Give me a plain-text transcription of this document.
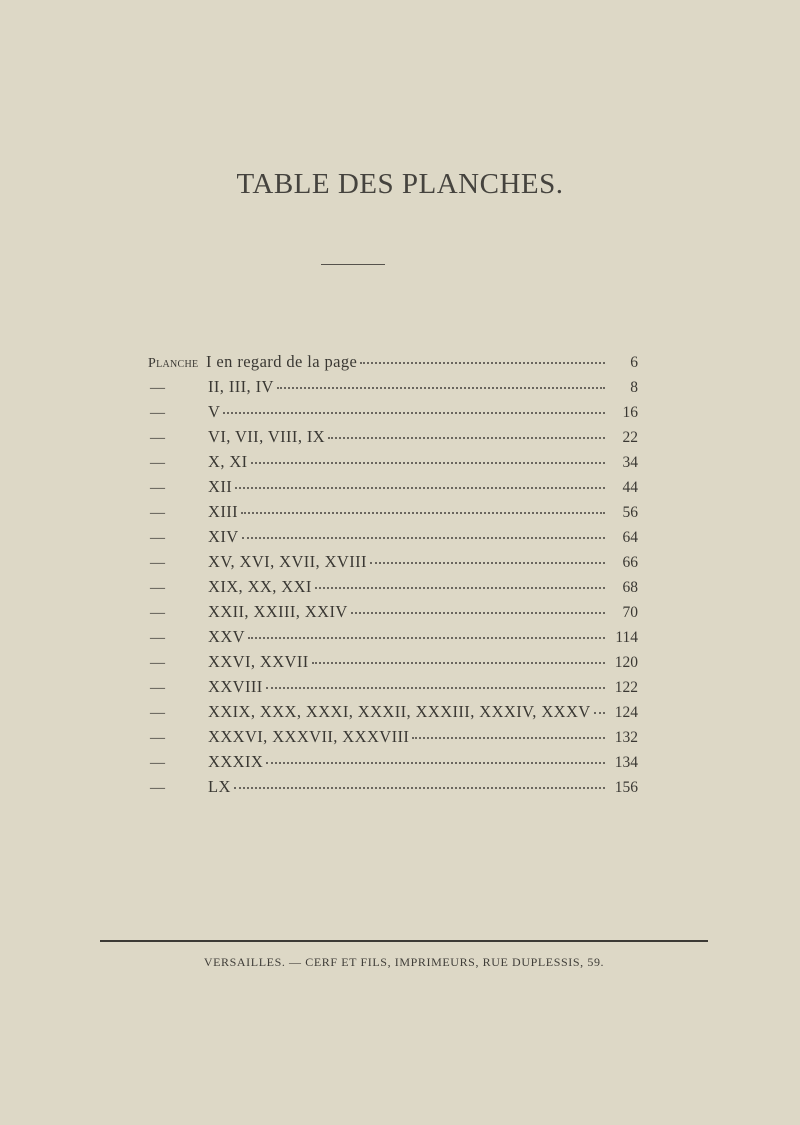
TABLE DES PLANCHES.
Planche I en regard de la page	6
—	II, III, IV	8
—	V	16
—	VI, VII, VIII, IX	22
—	X, XI	34
—	XII	44
—	XIII	56
—	XIV	64
—	XV, XVI, XVII, XVIII	66
—	XIX, XX, XXI	68
—	XXII, XXIII, XXIV	70
—	XXV	114
—	XXVI, XXVII	120
—	XXVIII	122
—	XXIX, XXX, XXXI, XXXII, XXXIII, XXXIV, XXXV	124
—	XXXVI, XXXVII, XXXVIII	132
—	XXXIX	134
—	LX	156
VERSAILLES. — CERF ET FILS, IMPRIMEURS, RUE DUPLESSIS, 59.
